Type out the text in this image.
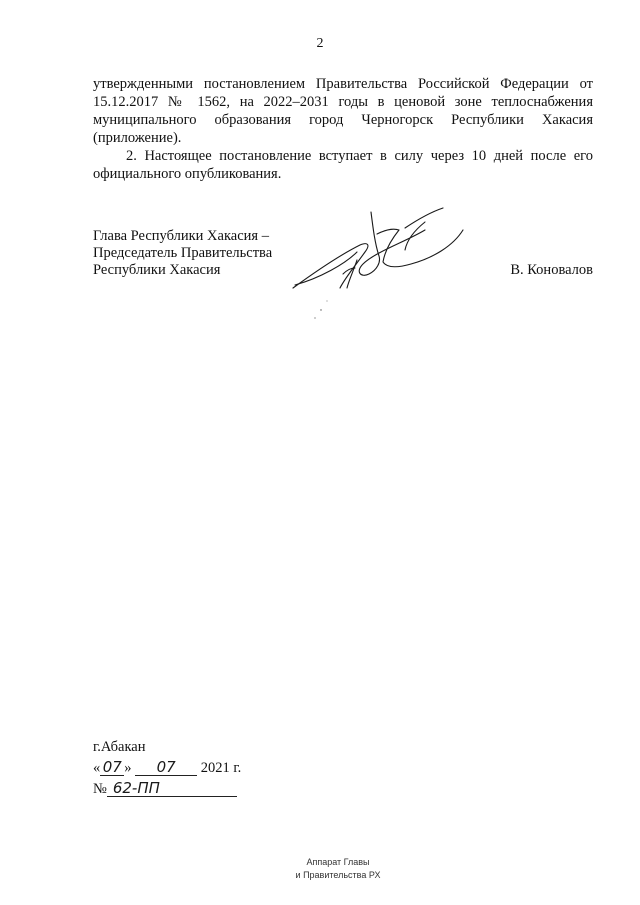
2

утвержденными постановлением Правительства Российской Федерации от 15.12.2017 № 1562, на 2022–2031 годы в ценовой зоне теплоснабжения муниципального образования город Черногорск Республики Хакасия (приложение).

2. Настоящее постановление вступает в силу через 10 дней после его официального опубликования.

Глава Республики Хакасия –
Председатель Правительства
Республики Хакасия	В. Коновалов
г.Абакан
« 07 » 07 2021 г.
№ 62-ПП
Аппарат Главы
и Правительства РХ
